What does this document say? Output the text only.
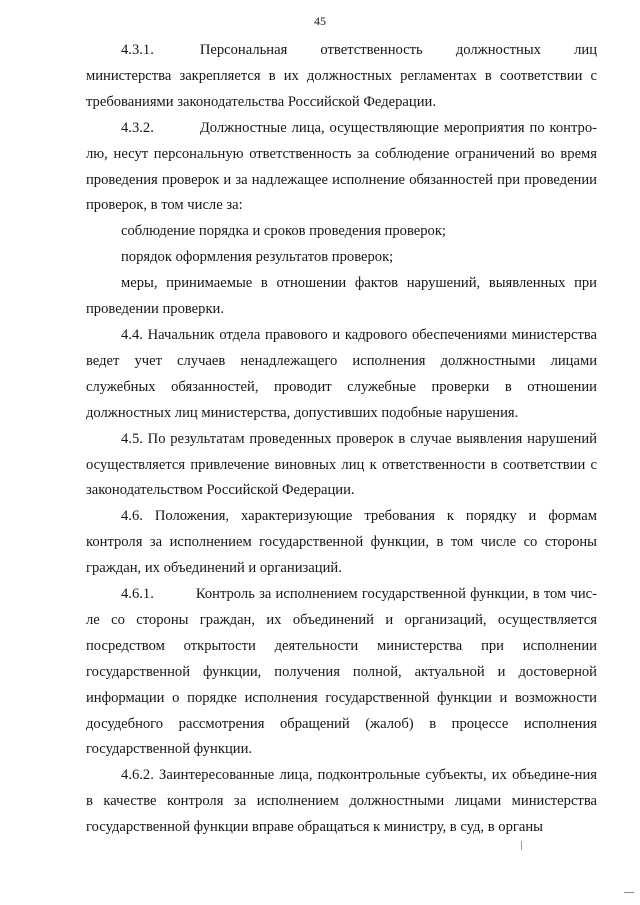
45

4.3.1.	Персональная ответственность должностных лиц министерства закрепляется в их должностных регламентах в соответствии с требованиями законодательства Российской Федерации.

4.3.2.	Должностные лица, осуществляющие мероприятия по контро-лю, несут персональную ответственность за соблюдение ограничений во время проведения проверок и за надлежащее исполнение обязанностей при проведении проверок, в том числе за:

соблюдение порядка и сроков проведения проверок;

порядок оформления результатов проверок;

меры, принимаемые в отношении фактов нарушений, выявленных при проведении проверки.

4.4. Начальник отдела правового и кадрового обеспечениями министерства ведет учет случаев ненадлежащего исполнения должностными лицами служебных обязанностей, проводит служебные проверки в отношении должностных лиц министерства, допустивших подобные нарушения.

4.5. По результатам проведенных проверок в случае выявления нарушений осуществляется привлечение виновных лиц к ответственности в соответствии с законодательством Российской Федерации.

4.6. Положения, характеризующие требования к порядку и формам контроля за исполнением государственной функции, в том числе со стороны граждан, их объединений и организаций.

4.6.1.	Контроль за исполнением государственной функции, в том чис-ле со стороны граждан, их объединений и организаций, осуществляется посредством открытости деятельности министерства при исполнении государственной функции, получения полной, актуальной и достоверной информации о порядке исполнения государственной функции и возможности досудебного рассмотрения обращений (жалоб) в процессе исполнения государственной функции.

4.6.2. Заинтересованные лица, подконтрольные субъекты, их объедине-ния в качестве контроля за исполнением должностными лицами министерства государственной функции вправе обращаться к министру, в суд, в органы
